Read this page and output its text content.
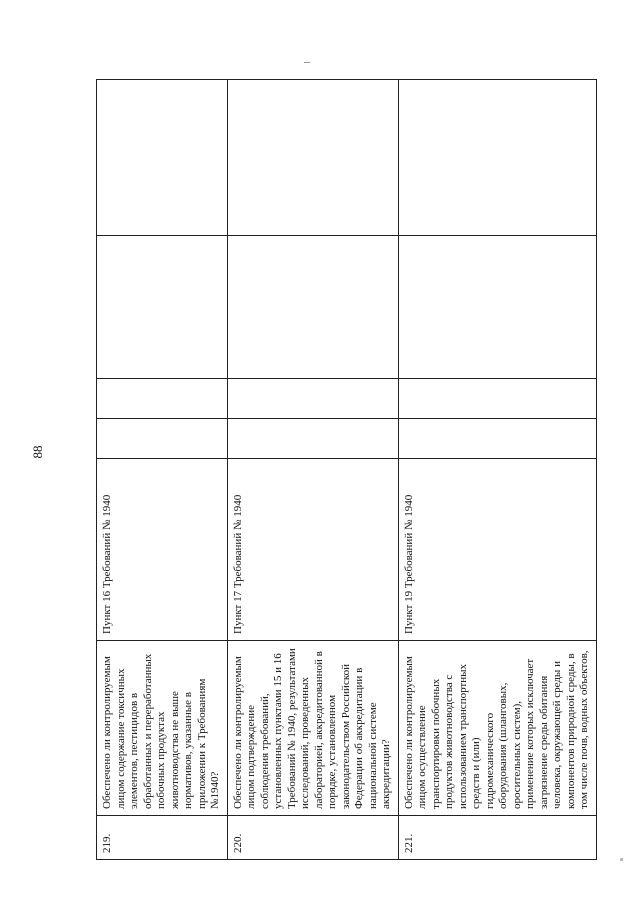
88
219.	Обеспечено ли контролируемым лицом содержание токсичных элементов, пестицидов в обработанных и переработанных побочных продуктах животноводства не выше нормативов, указанные в приложении к Требованиям №1940?	Пункт 16 Требований № 1940				
220.	Обеспечено ли контролируемым лицом подтверждение соблюдения требований, установленных пунктами 15 и 16 Требований № 1940, результатами исследований, проведенных лабораторией, аккредитованной в порядке, установленном законодательством Российской Федерации об аккредитации в национальной системе аккредитации?	Пункт 17 Требований № 1940				
221.	Обеспечено ли контролируемым лицом осуществление транспортировки побочных продуктов животноводства с использованием транспортных средств и (или) гидромеханического оборудования (шланговых, оросительных систем), применение которых исключает загрязнение среды обитания человека, окружающей среды и компонентов природной среды, в том числе почв, водных объектов,	Пункт 19 Требований № 1940				
